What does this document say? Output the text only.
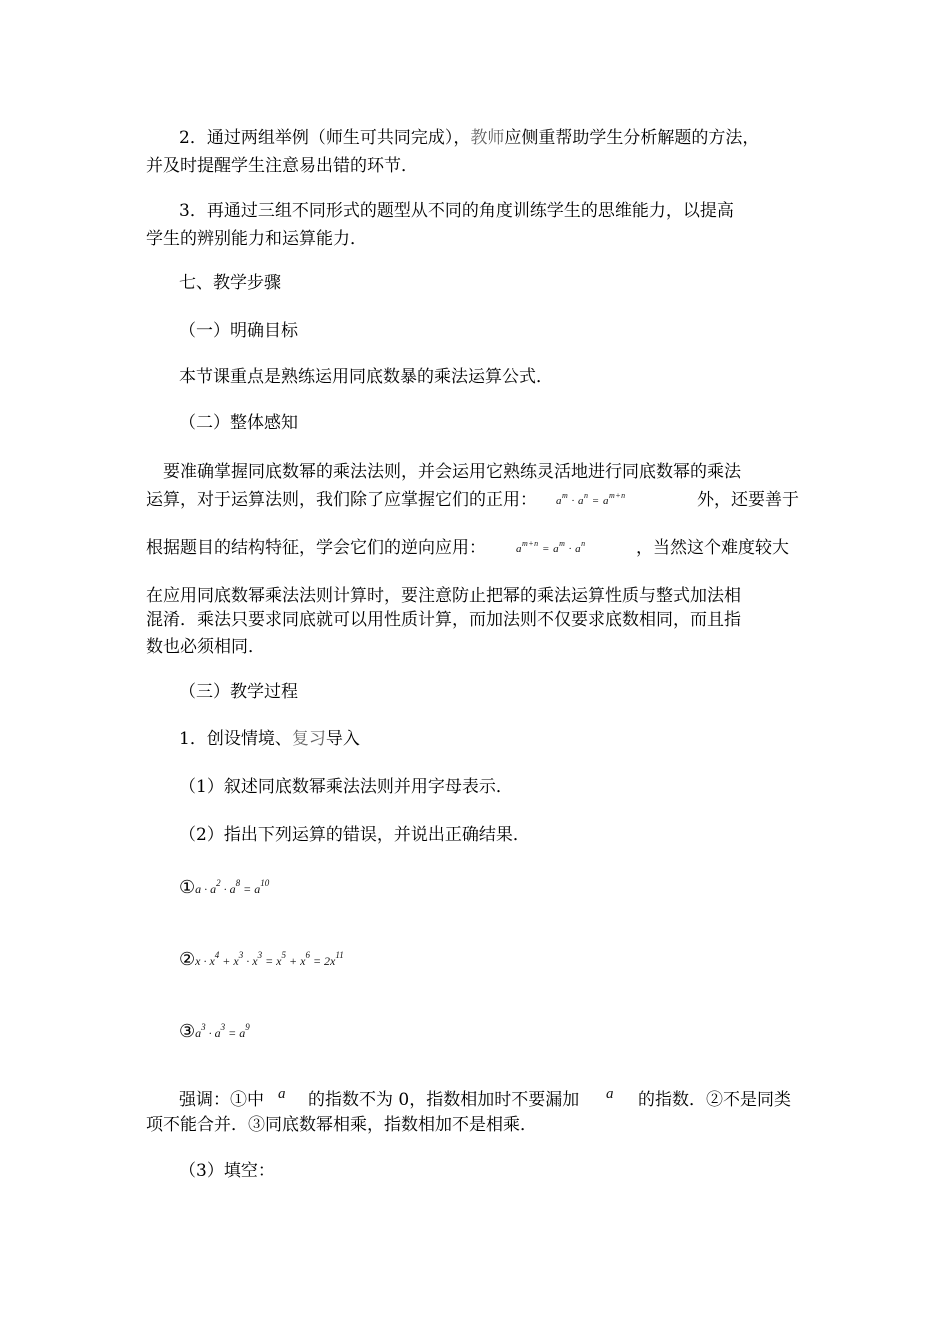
2．通过两组举例（师生可共同完成），教师应侧重帮助学生分析解题的方法，
并及时提醒学生注意易出错的环节．
3．再通过三组不同形式的题型从不同的角度训练学生的思维能力，以提高
学生的辨别能力和运算能力．
七、教学步骤
（一）明确目标
本节课重点是熟练运用同底数暴的乘法运算公式．
（二）整体感知
要准确掌握同底数幂的乘法法则，并会运用它熟练灵活地进行同底数幂的乘法
运算，对于运算法则，我们除了应掌握它们的正用： $a^m \cdot a^n = a^{m+n}$	外，还要善于
根据题目的结构特征，学会它们的逆向应用：	$a^{m+n} = a^m \cdot a^n$	，当然这个难度较大
在应用同底数幂乘法法则计算时，要注意防止把幂的乘法运算性质与整式加法相
混淆．乘法只要求同底就可以用性质计算，而加法则不仅要求底数相同，而且指
数也必须相同．
（三）教学过程
1．创设情境、复习导入
（1）叙述同底数幂乘法法则并用字母表示．
（2）指出下列运算的错误，并说出正确结果．
①a · $a^2 \cdot a^8 = a^{10}$
②x · $x^4 + x^3 \cdot x^3 = x^5 + x^6 = 2x^{11}$
$③a^3 \cdot a^3 = a^9$
强调：①中 a 的指数不为 0，指数相加时不要漏加 a 的指数．②不是同类
项不能合并．③同底数幂相乘，指数相加不是相乘．
（3）填空：
